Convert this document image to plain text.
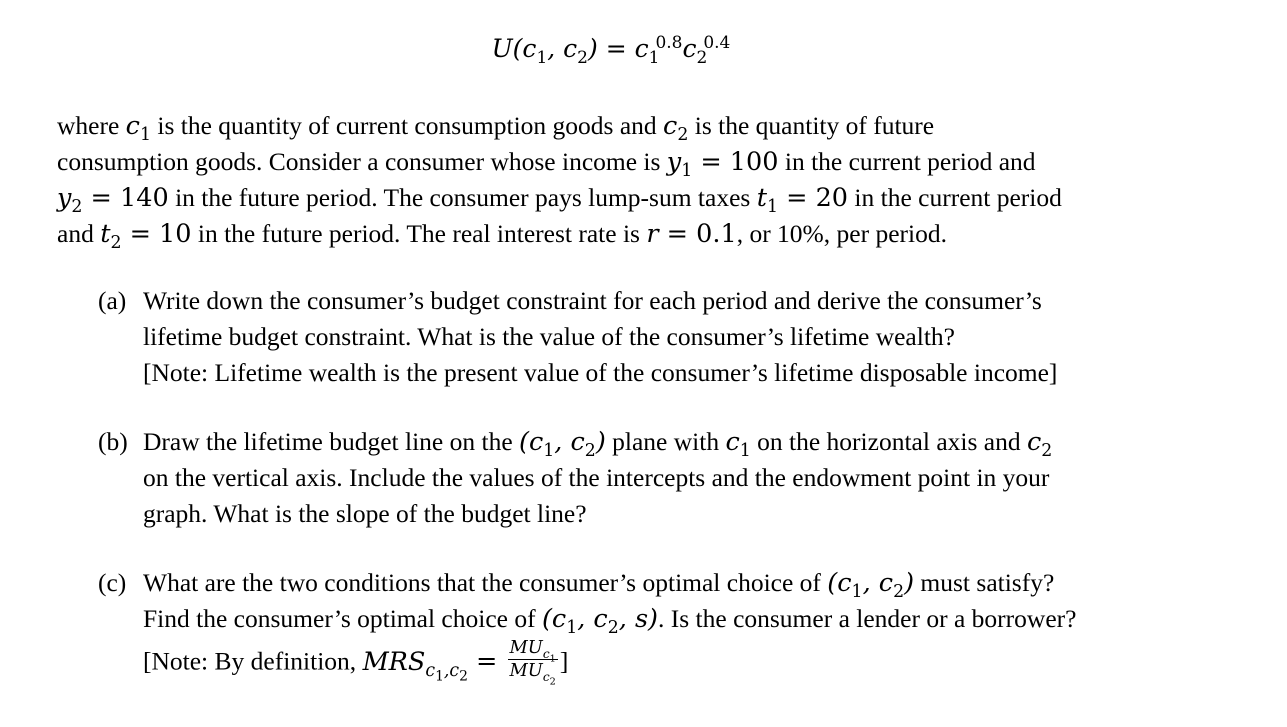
$U(c_1$, $c_2) = c_1^{0.8}c_2^{0.4}$
where $c_1$ is the quantity of current consumption goods and $c_2$ is the quantity of future
consumption goods. Consider a consumer whose income is $y_1 = 100$ in the current period and
$y_2 = 140$ in the future period. The consumer pays lump-sum taxes $t_1 = 20$ in the current period
and $t_2 = 10$ in the future period. The real interest rate is r = 0.1, or 10%, per period.
(a) Write down the consumer’s budget constraint for each period and derive the consumer’s
lifetime budget constraint. What is the value of the consumer’s lifetime wealth?
[Note: Lifetime wealth is the present value of the consumer’s lifetime disposable income]
(b) Draw the lifetime budget line on the ($c_1$, $c_2$) plane with $c_1$ on the horizontal axis and $c_2$
on the vertical axis. Include the values of the intercepts and the endowment point in your
graph. What is the slope of the budget line?
(c) What are the two conditions that the consumer’s optimal choice of ($c_1$, $c_2$) must satisfy?
Find the consumer’s optimal choice of ($c_1$, $c_2$, s). Is the consumer a lender or a borrower?
[Note: By definition, $MRS_{c_1,c_2} = \frac{MU_{c_1}}{MU_{c_2}}$ ]
